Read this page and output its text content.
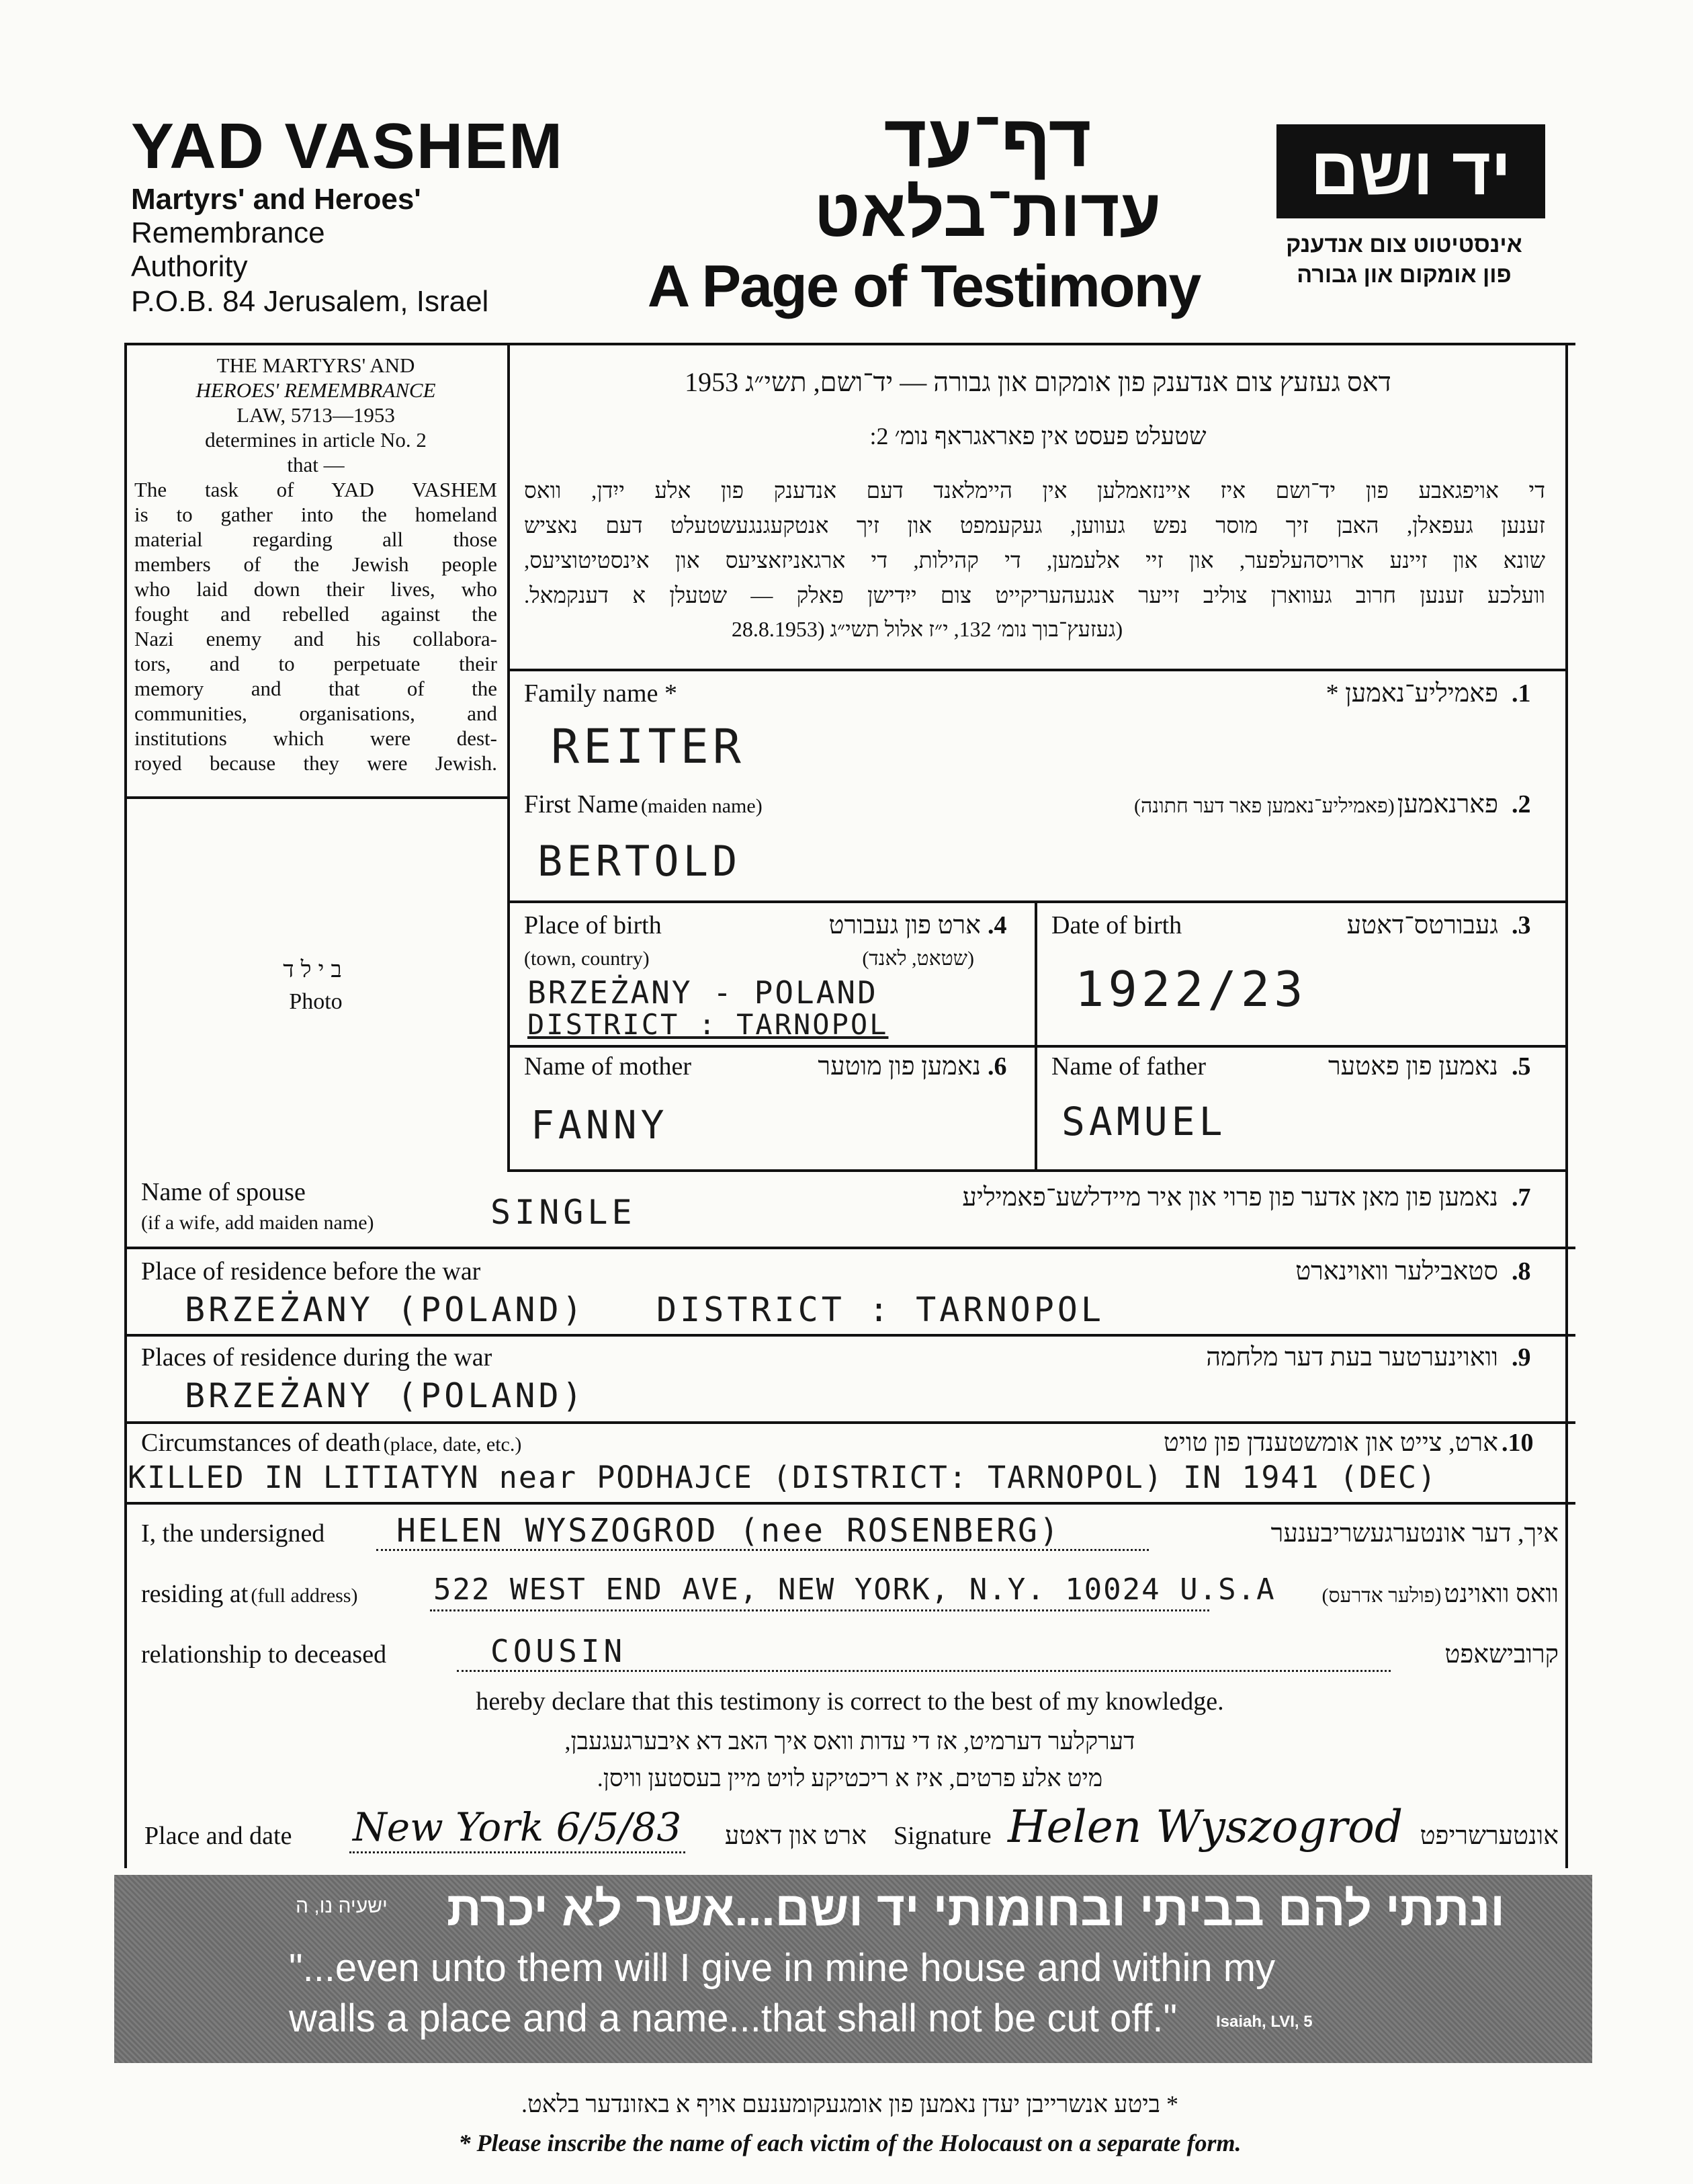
YAD VASHEM
Martyrs' and Heroes'
Remembrance
Authority
P.O.B. 84 Jerusalem, Israel
דף־עד
עדות־בלאט
A Page of Testimony
יד ושם
אינסטיטוט צום אנדענק
פון אומקום און גבורה
THE MARTYRS' AND
HEROES' REMEMBRANCE
LAW, 5713—1953
determines in article No. 2
that —
The task of YAD VASHEM
is to gather into the homeland
material regarding all those
members of the Jewish people
who laid down their lives, who
fought and rebelled against the
Nazi enemy and his collabora-
tors, and to perpetuate their
memory and that of the
communities, organisations, and
institutions which were dest-
royed because they were Jewish.
בילד
Photo
דאס געזעץ צום אנדענק פון אומקום און גבורה — יד־ושם, תשי״ג 1953
שטעלט פעסט אין פאראגראף נומ׳ 2:
די אויפגאבע פון יד־ושם איז איינזאמלען אין היימלאנד דעם אנדענק פון אלע ייִדן, וואס
זענען געפאלן, האבן זיך מוסר נפש געווען, געקעמפט און זיך אנטקעגנגעשטעלט דעם נאציש
שונא און זיינע ארויסהעלפער, און זיי אלעמען, די קהילות, די ארגאניזאציעס און אינסטיטוציעס,
וועלכע זענען חרוב געווארן צוליב זייער אנגעהעריקייט צום ייִדישן פאלק — שטעלן א דענקמאל.
(געזעץ־בוך נומ׳ 132, י״ז אלול תשי״ג (28.8.1953
Family name *	פאמיליע־נאמען * .1
REITER
First Name (maiden name)	פארנאמען (פאמיליע־נאמען פאר דער חתונה)	.2
BERTOLD
Place of birth	ארט פון געבורט .4
(town, country)	(שטאט, לאנד)
BRZEŻANY - POLAND
DISTRICT : TARNOPOL
Date of birth	געבורטס־דאטע .3
1922/23
Name of mother	נאמען פון מוטער .6
FANNY
Name of father	נאמען פון פאטער .5
SAMUEL
Name of spouse
(if a wife, add maiden name)	SINGLE	נאמען פון מאן אדער פון פרוי און איר מיידלשע־פאמיליע .7
Place of residence before the war	סטאבילער וואוינארט .8
BRZEŻANY (POLAND)   DISTRICT : TARNOPOL
Places of residence during the war	וואוינערטער בעת דער מלחמה .9
BRZEŻANY (POLAND)
Circumstances of death (place, date, etc.)	ארט, צייט און אומשטענדן פון טויט .10
KILLED IN LITIATYN near PODHAJCE (DISTRICT: TARNOPOL) IN 1941 (DEC)
I, the undersigned HELEN WYSZOGROD (nee ROSENBERG)	איך, דער אונטערגעשריבענער
residing at (full address)	522 WEST END AVE, NEW YORK, N.Y. 10024 U.S.A	וואס וואוינט (פולער אדרעס)
relationship to deceased	COUSIN	קרובישאפט
hereby declare that this testimony is correct to the best of my knowledge.
דערקלער דערמיט, אז די עדות וואס איך האב דא איבערגעגעבן,
מיט אלע פרטים, איז א ריכטיקע לויט מיין בעסטען וויסן.
Place and date New York 6/5/83	ארט און דאטע Signature Helen Wyszogrod אונטערשריפט
ישעיה נו, ה	ונתתי להם בביתי ובחומותי יד ושם...אשר לא יכרת
"...even unto them will I give in mine house and within my
walls a place and a name...that shall not be cut off." Isaiah, LVI, 5
* ביטע אנשרייבן יעדן נאמען פון אומגעקומענעם אויף א באזונדער בלאט.
* Please inscribe the name of each victim of the Holocaust on a separate form.
